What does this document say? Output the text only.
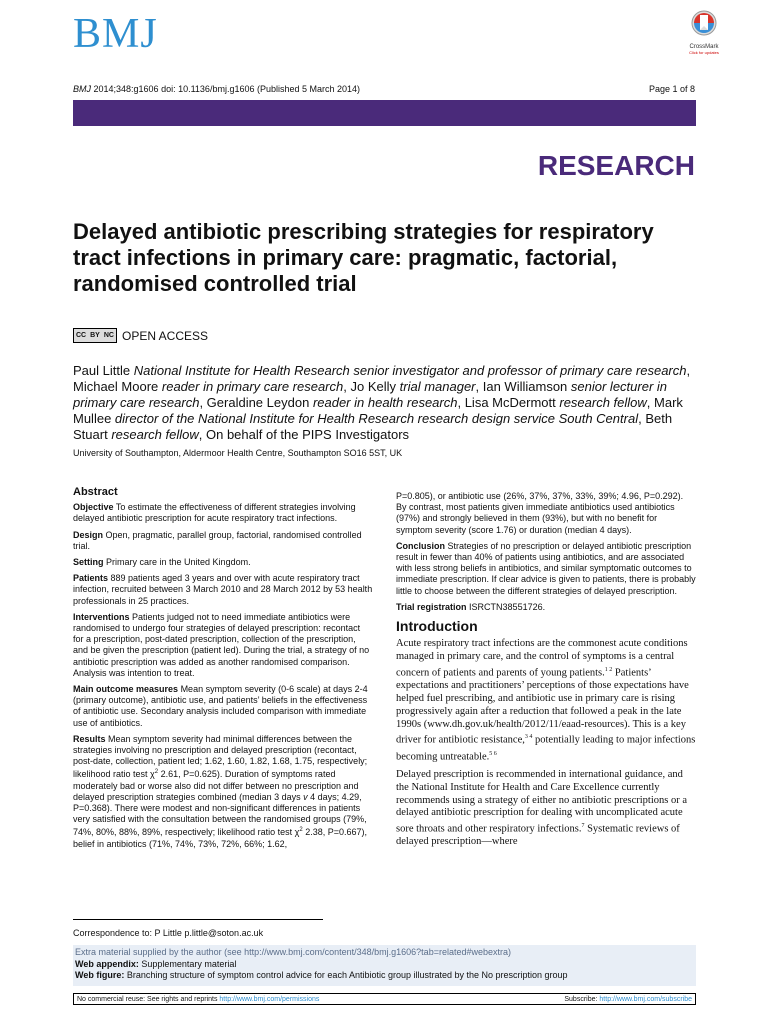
BMJ	CrossMark
Click for updates
BMJ 2014;348:g1606 doi: 10.1136/bmj.g1606 (Published 5 March 2014)	Page 1 of 8
RESEARCH
Delayed antibiotic prescribing strategies for respiratory tract infections in primary care: pragmatic, factorial, randomised controlled trial
CC BY NC OPEN ACCESS

Paul Little National Institute for Health Research senior investigator and professor of primary care research, Michael Moore reader in primary care research, Jo Kelly trial manager, Ian Williamson senior lecturer in primary care research, Geraldine Leydon reader in health research, Lisa McDermott research fellow, Mark Mullee director of the National Institute for Health Research research design service South Central, Beth Stuart research fellow, On behalf of the PIPS Investigators

University of Southampton, Aldermoor Health Centre, Southampton SO16 5ST, UK
Abstract

Objective To estimate the effectiveness of different strategies involving delayed antibiotic prescription for acute respiratory tract infections.

Design Open, pragmatic, parallel group, factorial, randomised controlled trial.

Setting Primary care in the United Kingdom.

Patients 889 patients aged 3 years and over with acute respiratory tract infection, recruited between 3 March 2010 and 28 March 2012 by 53 health professionals in 25 practices.

Interventions Patients judged not to need immediate antibiotics were randomised to undergo four strategies of delayed prescription: recontact for a prescription, post-dated prescription, collection of the prescription, and be given the prescription (patient led). During the trial, a strategy of no antibiotic prescription was added as another randomised comparison. Analysis was intention to treat.

Main outcome measures Mean symptom severity (0-6 scale) at days 2-4 (primary outcome), antibiotic use, and patients’ beliefs in the effectiveness of antibiotic use. Secondary analysis included comparison with immediate use of antibiotics.

Results Mean symptom severity had minimal differences between the strategies involving no prescription and delayed prescription (recontact, post-date, collection, patient led; 1.62, 1.60, 1.82, 1.68, 1.75, respectively; likelihood ratio test $\chi^2$ 2.61, P=0.625). Duration of symptoms rated moderately bad or worse also did not differ between no prescription and delayed prescription strategies combined (median 3 days v 4 days; 4.29, P=0.368). There were modest and non-significant differences in patients very satisfied with the consultation between the randomised groups (79%, 74%, 80%, 88%, 89%, respectively; likelihood ratio test $\chi^2$ 2.38, P=0.667), belief in antibiotics (71%, 74%, 73%, 72%, 66%; 1.62,

P=0.805), or antibiotic use (26%, 37%, 37%, 33%, 39%; 4.96, P=0.292). By contrast, most patients given immediate antibiotics used antibiotics (97%) and strongly believed in them (93%), but with no benefit for symptom severity (score 1.76) or duration (median 4 days).

Conclusion Strategies of no prescription or delayed antibiotic prescription result in fewer than 40% of patients using antibiotics, and are associated with less strong beliefs in antibiotics, and similar symptomatic outcomes to immediate prescription. If clear advice is given to patients, there is probably little to choose between the different strategies of delayed prescription.

Trial registration ISRCTN38551726.

Introduction

Acute respiratory tract infections are the commonest acute conditions managed in primary care, and the control of symptoms is a central concern of patients and parents of young patients.$^{1 2}$ Patients’ expectations and practitioners’ perceptions of those expectations have helped fuel prescribing, and antibiotic use in primary care is rising progressively again after a reduction that followed a peak in the late 1990s (www.dh.gov.uk/health/2012/11/eaad-resources). This is a key driver for antibiotic resistance,$^{3 4}$ potentially leading to major infections becoming untreatable.$^{5 6}$

Delayed prescription is recommended in international guidance, and the National Institute for Health and Care Excellence currently recommends using a strategy of either no antibiotic prescriptions or a delayed antibiotic prescription for dealing with uncomplicated acute sore throats and other respiratory infections.$^7$ Systematic reviews of delayed prescription—where

Correspondence to: P Little p.little@soton.ac.uk
Extra material supplied by the author (see http://www.bmj.com/content/348/bmj.g1606?tab=related#webextra)
Web appendix: Supplementary material
Web figure: Branching structure of symptom control advice for each Antibiotic group illustrated by the No prescription group
No commercial reuse: See rights and reprints http://www.bmj.com/permissions	Subscribe: http://www.bmj.com/subscribe
